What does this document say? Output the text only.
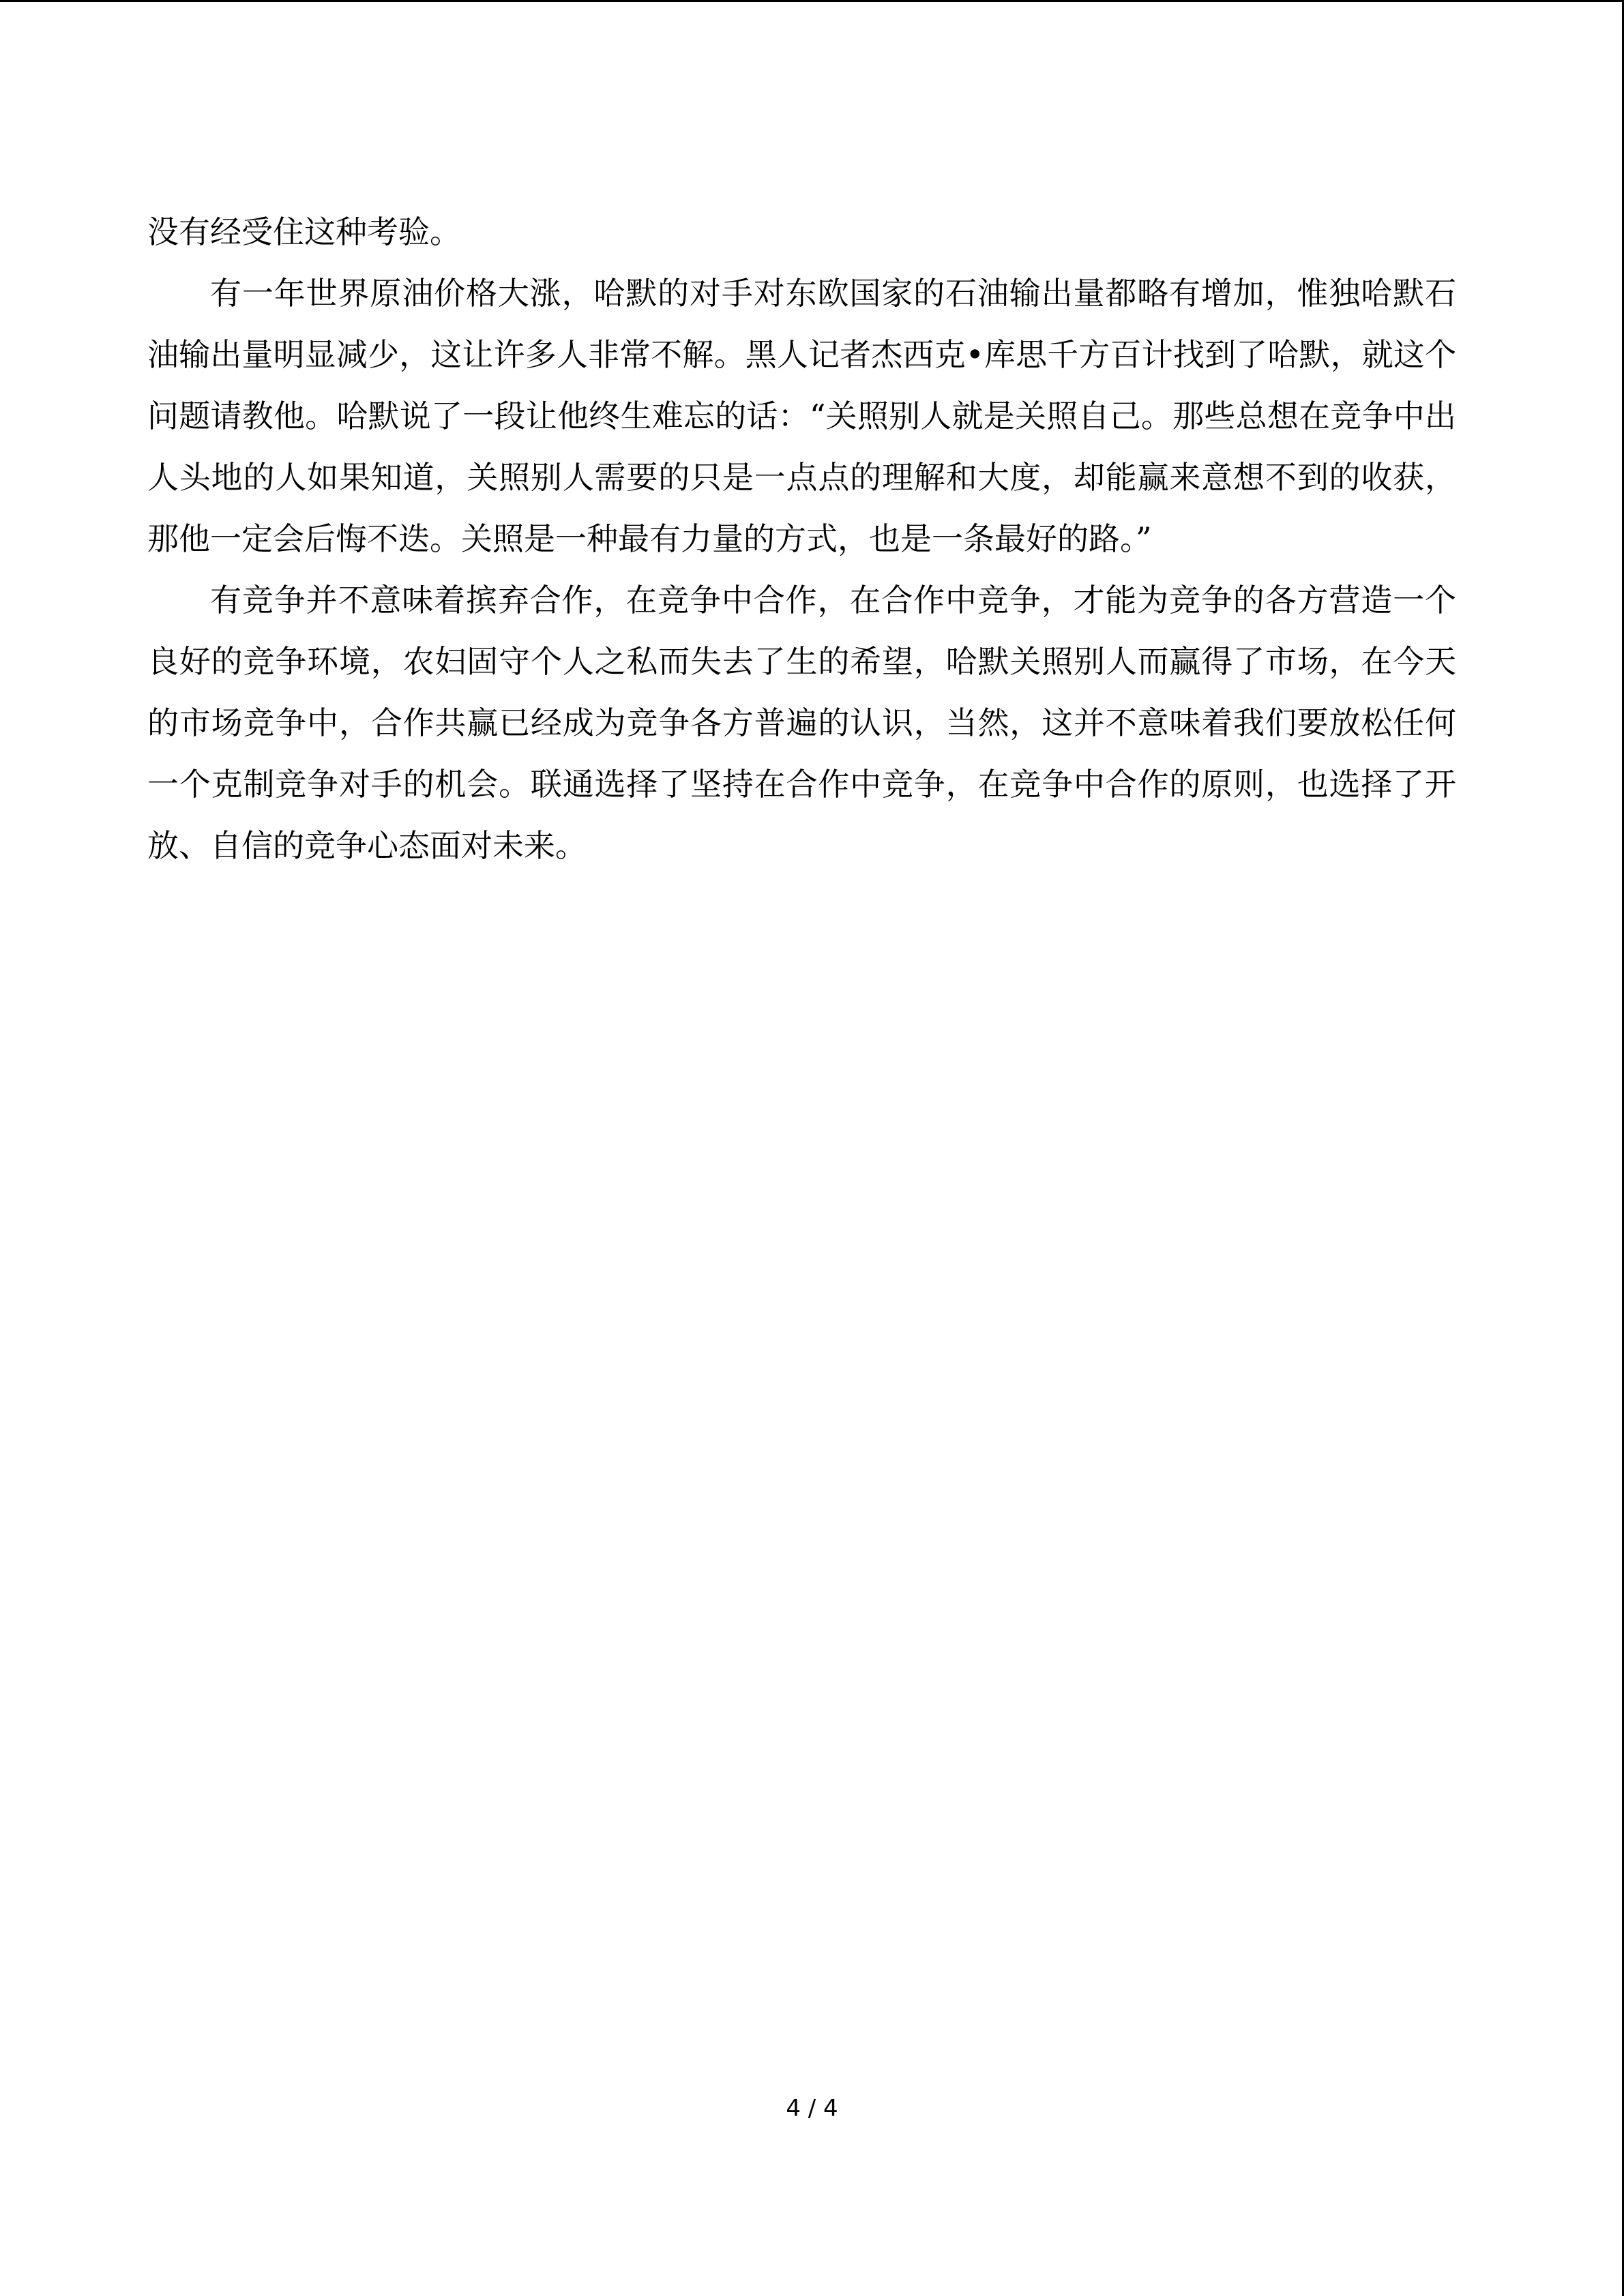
没有经受住这种考验。

有一年世界原油价格大涨，哈默的对手对东欧国家的石油输出量都略有增加，惟独哈默石油输出量明显减少，这让许多人非常不解。黑人记者杰西克•库思千方百计找到了哈默，就这个问题请教他。哈默说了一段让他终生难忘的话：“关照别人就是关照自己。那些总想在竞争中出人头地的人如果知道，关照别人需要的只是一点点的理解和大度，却能赢来意想不到的收获，那他一定会后悔不迭。关照是一种最有力量的方式，也是一条最好的路。”

有竞争并不意味着摈弃合作，在竞争中合作，在合作中竞争，才能为竞争的各方营造一个良好的竞争环境，农妇固守个人之私而失去了生的希望，哈默关照别人而赢得了市场，在今天的市场竞争中，合作共赢已经成为竞争各方普遍的认识，当然，这并不意味着我们要放松任何一个克制竞争对手的机会。联通选择了坚持在合作中竞争，在竞争中合作的原则，也选择了开放、自信的竞争心态面对未来。

4 / 4
